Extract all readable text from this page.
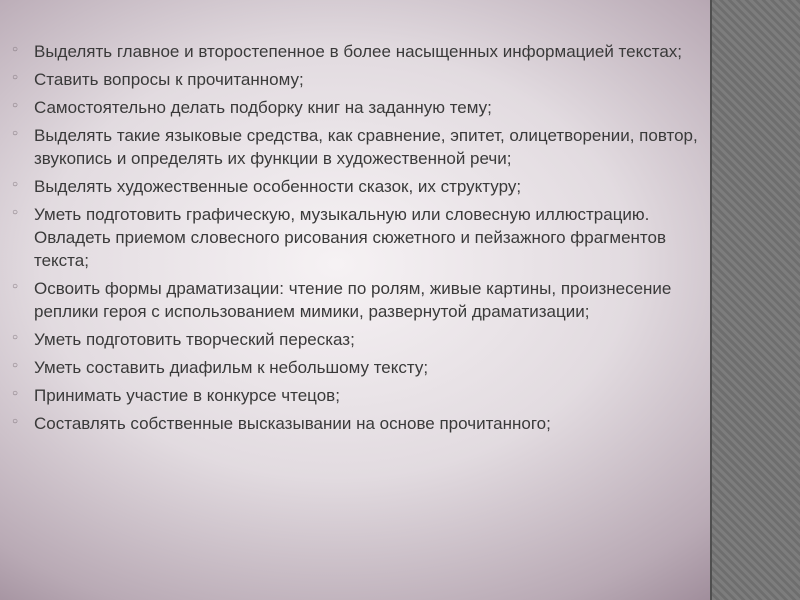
○ Выделять главное и второстепенное в более насыщенных информацией текстах;
○ Ставить вопросы к прочитанному;
○ Самостоятельно делать подборку книг на заданную тему;
○ Выделять такие языковые средства, как сравнение, эпитет, олицетворении, повтор, звукопись и определять их функции в художественной речи;
○ Выделять художественные особенности сказок, их структуру;
○ Уметь подготовить графическую, музыкальную или словесную иллюстрацию. Овладеть приемом словесного рисования сюжетного и пейзажного фрагментов текста;
○ Освоить формы драматизации: чтение по ролям, живые картины, произнесение реплики героя с использованием мимики, развернутой драматизации;
○ Уметь подготовить творческий пересказ;
○ Уметь составить диафильм к небольшому тексту;
○ Принимать участие в конкурсе чтецов;
○ Составлять собственные высказывании на основе прочитанного;
